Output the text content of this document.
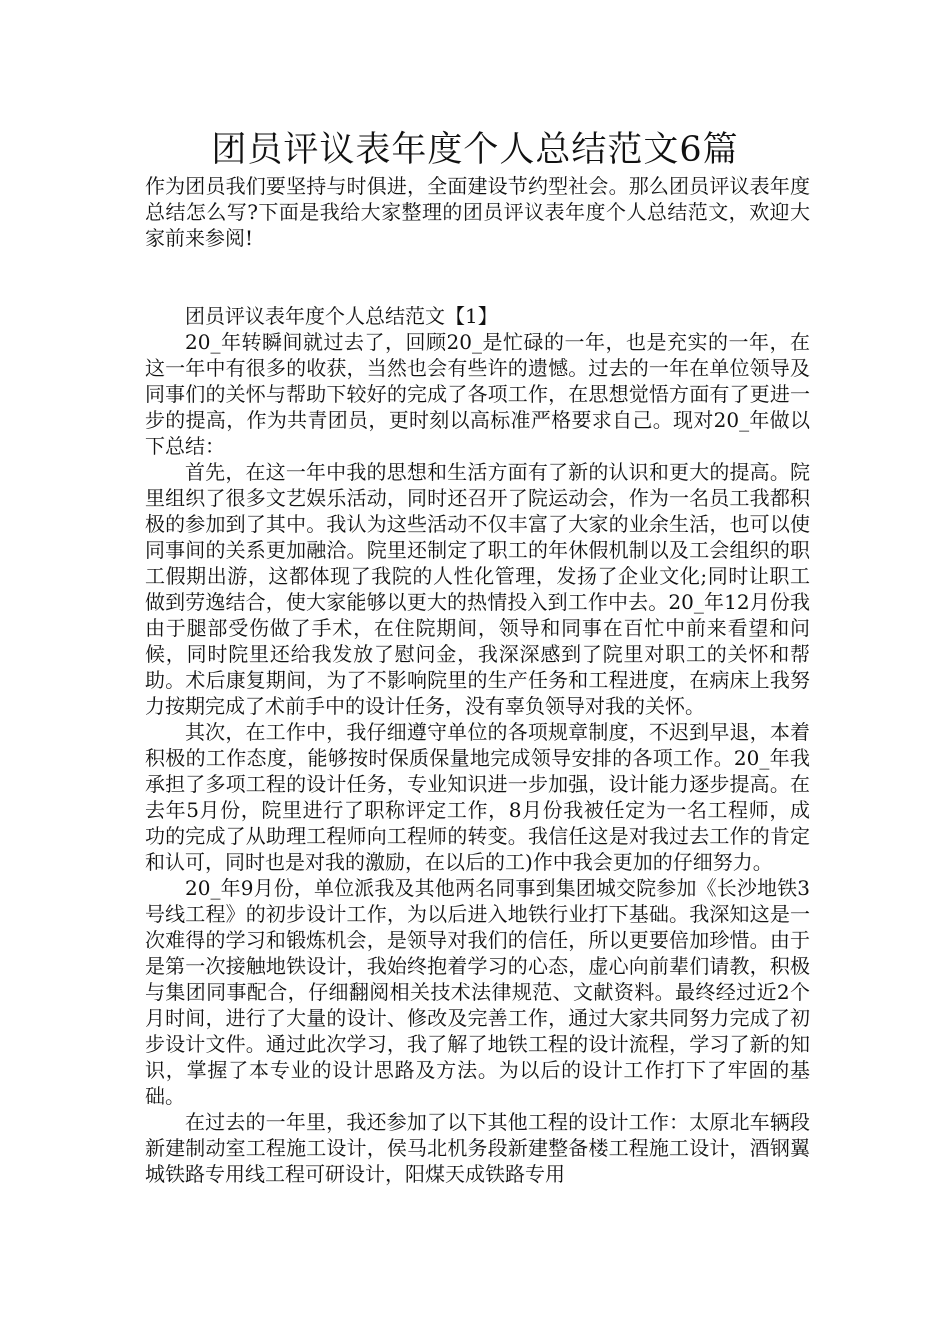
团员评议表年度个人总结范文6篇

作为团员我们要坚持与时俱进，全面建设节约型社会。那么团员评议表年度总结怎么写?下面是我给大家整理的团员评议表年度个人总结范文，欢迎大家前来参阅!

团员评议表年度个人总结范文【1】

20_年转瞬间就过去了，回顾20_是忙碌的一年，也是充实的一年，在这一年中有很多的收获，当然也会有些许的遗憾。过去的一年在单位领导及同事们的关怀与帮助下较好的完成了各项工作，在思想觉悟方面有了更进一步的提高，作为共青团员，更时刻以高标准严格要求自己。现对20_年做以下总结：

首先，在这一年中我的思想和生活方面有了新的认识和更大的提高。院里组织了很多文艺娱乐活动，同时还召开了院运动会，作为一名员工我都积极的参加到了其中。我认为这些活动不仅丰富了大家的业余生活，也可以使同事间的关系更加融洽。院里还制定了职工的年休假机制以及工会组织的职工假期出游，这都体现了我院的人性化管理，发扬了企业文化;同时让职工做到劳逸结合，使大家能够以更大的热情投入到工作中去。20_年12月份我由于腿部受伤做了手术，在住院期间，领导和同事在百忙中前来看望和问候，同时院里还给我发放了慰问金，我深深感到了院里对职工的关怀和帮助。术后康复期间，为了不影响院里的生产任务和工程进度，在病床上我努力按期完成了术前手中的设计任务，没有辜负领导对我的关怀。

其次，在工作中，我仔细遵守单位的各项规章制度，不迟到早退，本着积极的工作态度，能够按时保质保量地完成领导安排的各项工作。20_年我承担了多项工程的设计任务，专业知识进一步加强，设计能力逐步提高。在去年5月份，院里进行了职称评定工作，8月份我被任定为一名工程师，成功的完成了从助理工程师向工程师的转变。我信任这是对我过去工作的肯定和认可，同时也是对我的激励，在以后的工)作中我会更加的仔细努力。

20_年9月份，单位派我及其他两名同事到集团城交院参加《长沙地铁3号线工程》的初步设计工作，为以后进入地铁行业打下基础。我深知这是一次难得的学习和锻炼机会，是领导对我们的信任，所以更要倍加珍惜。由于是第一次接触地铁设计，我始终抱着学习的心态，虚心向前辈们请教，积极与集团同事配合，仔细翻阅相关技术法律规范、文献资料。最终经过近2个月时间，进行了大量的设计、修改及完善工作，通过大家共同努力完成了初步设计文件。通过此次学习，我了解了地铁工程的设计流程，学习了新的知识，掌握了本专业的设计思路及方法。为以后的设计工作打下了牢固的基础。

在过去的一年里，我还参加了以下其他工程的设计工作：太原北车辆段新建制动室工程施工设计，侯马北机务段新建整备楼工程施工设计，酒钢翼城铁路专用线工程可研设计，阳煤天成铁路专用
